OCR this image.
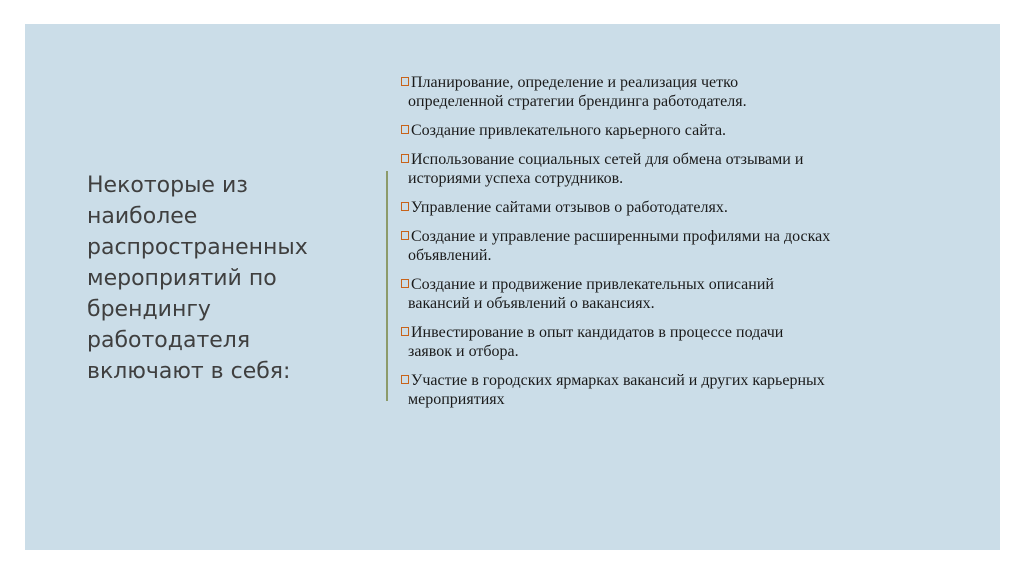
Некоторые из
наиболее
распространенных
мероприятий по
брендингу
работодателя
включают в себя:
Планирование, определение и реализация четко
определенной стратегии брендинга работодателя.
Создание привлекательного карьерного сайта.
Использование социальных сетей для обмена отзывами и
историями успеха сотрудников.
Управление сайтами отзывов о работодателях.
Создание и управление расширенными профилями на досках
объявлений.
Создание и продвижение привлекательных описаний
вакансий и объявлений о вакансиях.
Инвестирование в опыт кандидатов в процессе подачи
заявок и отбора.
Участие в городских ярмарках вакансий и других карьерных
мероприятиях
